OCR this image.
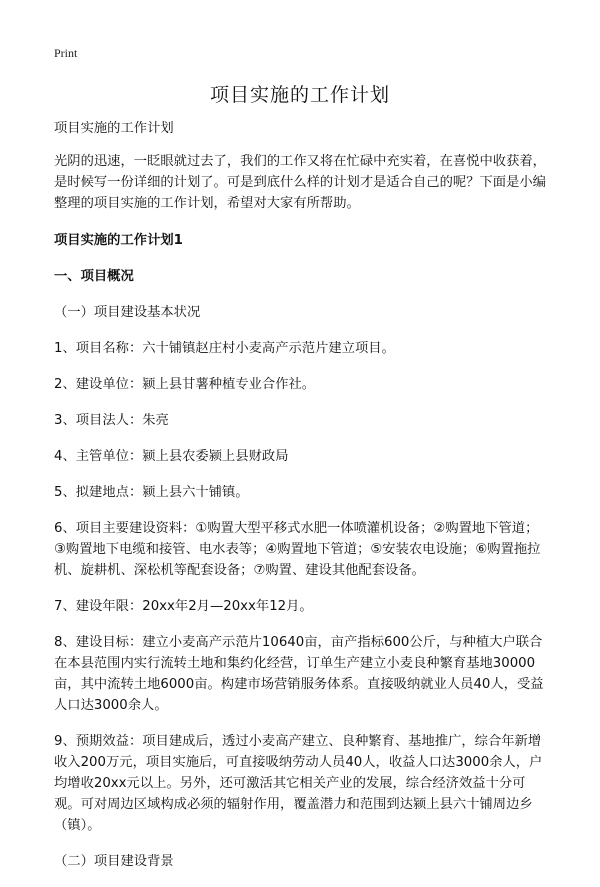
Print
项目实施的工作计划

项目实施的工作计划

光阴的迅速，一眨眼就过去了，我们的工作又将在忙碌中充实着，在喜悦中收获着，是时候写一份详细的计划了。可是到底什么样的计划才是适合自己的呢？下面是小编整理的项目实施的工作计划，希望对大家有所帮助。

项目实施的工作计划1

一、项目概况

（一）项目建设基本状况

1、项目名称：六十铺镇赵庄村小麦高产示范片建立项目。

2、建设单位：颍上县甘薯种植专业合作社。

3、项目法人：朱亮

4、主管单位：颍上县农委颍上县财政局

5、拟建地点：颍上县六十铺镇。

6、项目主要建设资料：①购置大型平移式水肥一体喷灌机设备；②购置地下管道；③购置地下电缆和接管、电水表等；④购置地下管道；⑤安装农电设施；⑥购置拖拉机、旋耕机、深松机等配套设备；⑦购置、建设其他配套设备。

7、建设年限：20xx年2月—20xx年12月。

8、建设目标：建立小麦高产示范片10640亩，亩产指标600公斤，与种植大户联合在本县范围内实行流转土地和集约化经营，订单生产建立小麦良种繁育基地30000亩，其中流转土地6000亩。构建市场营销服务体系。直接吸纳就业人员40人，受益人口达3000余人。

9、预期效益：项目建成后，透过小麦高产建立、良种繁育、基地推广，综合年新增收入200万元，项目实施后，可直接吸纳劳动人员40人，收益人口达3000余人，户均增收20xx元以上。另外，还可激活其它相关产业的发展，综合经济效益十分可观。可对周边区域构成必须的辐射作用，覆盖潜力和范围到达颍上县六十铺周边乡（镇）。

（二）项目建设背景
